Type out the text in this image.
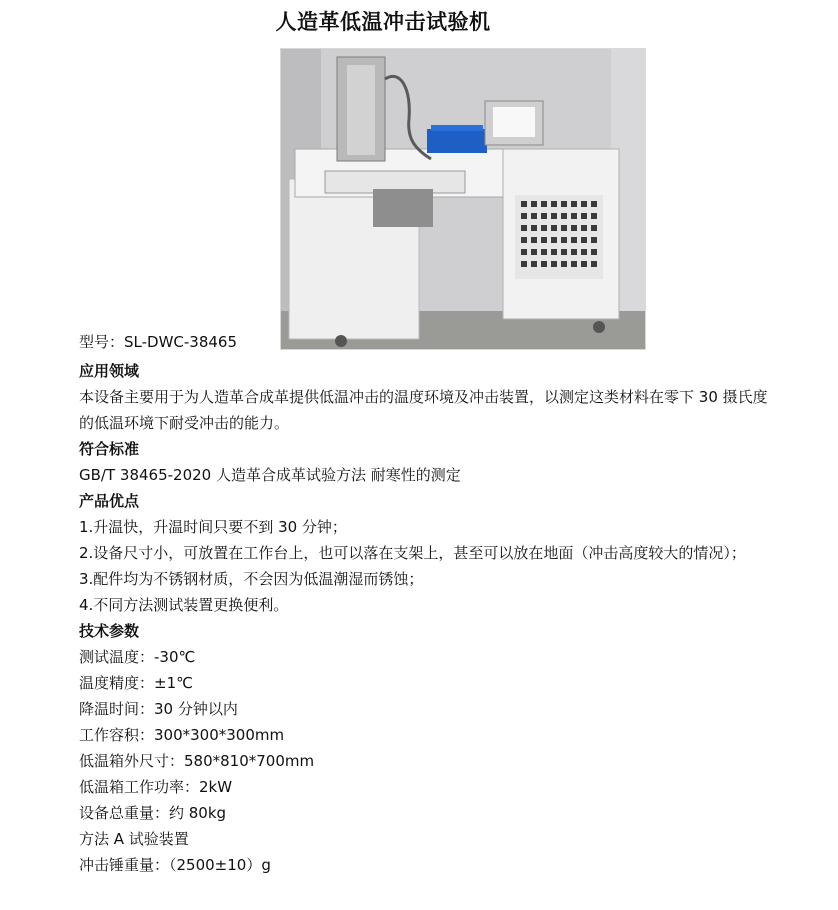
人造革低温冲击试验机
型号：SL-DWC-38465
应用领域
本设备主要用于为人造革合成革提供低温冲击的温度环境及冲击装置，以测定这类材料在零下 30 摄氏度的低温环境下耐受冲击的能力。
符合标准
GB/T 38465-2020 人造革合成革试验方法 耐寒性的测定
产品优点
1.升温快，升温时间只要不到 30 分钟；
2.设备尺寸小，可放置在工作台上，也可以落在支架上，甚至可以放在地面（冲击高度较大的情况）；
3.配件均为不锈钢材质，不会因为低温潮湿而锈蚀；
4.不同方法测试装置更换便利。
技术参数
测试温度：-30℃
温度精度：±1℃
降温时间：30 分钟以内
工作容积：300*300*300mm
低温箱外尺寸：580*810*700mm
低温箱工作功率：2kW
设备总重量：约 80kg
方法 A 试验装置
冲击锤重量：（2500±10）g
